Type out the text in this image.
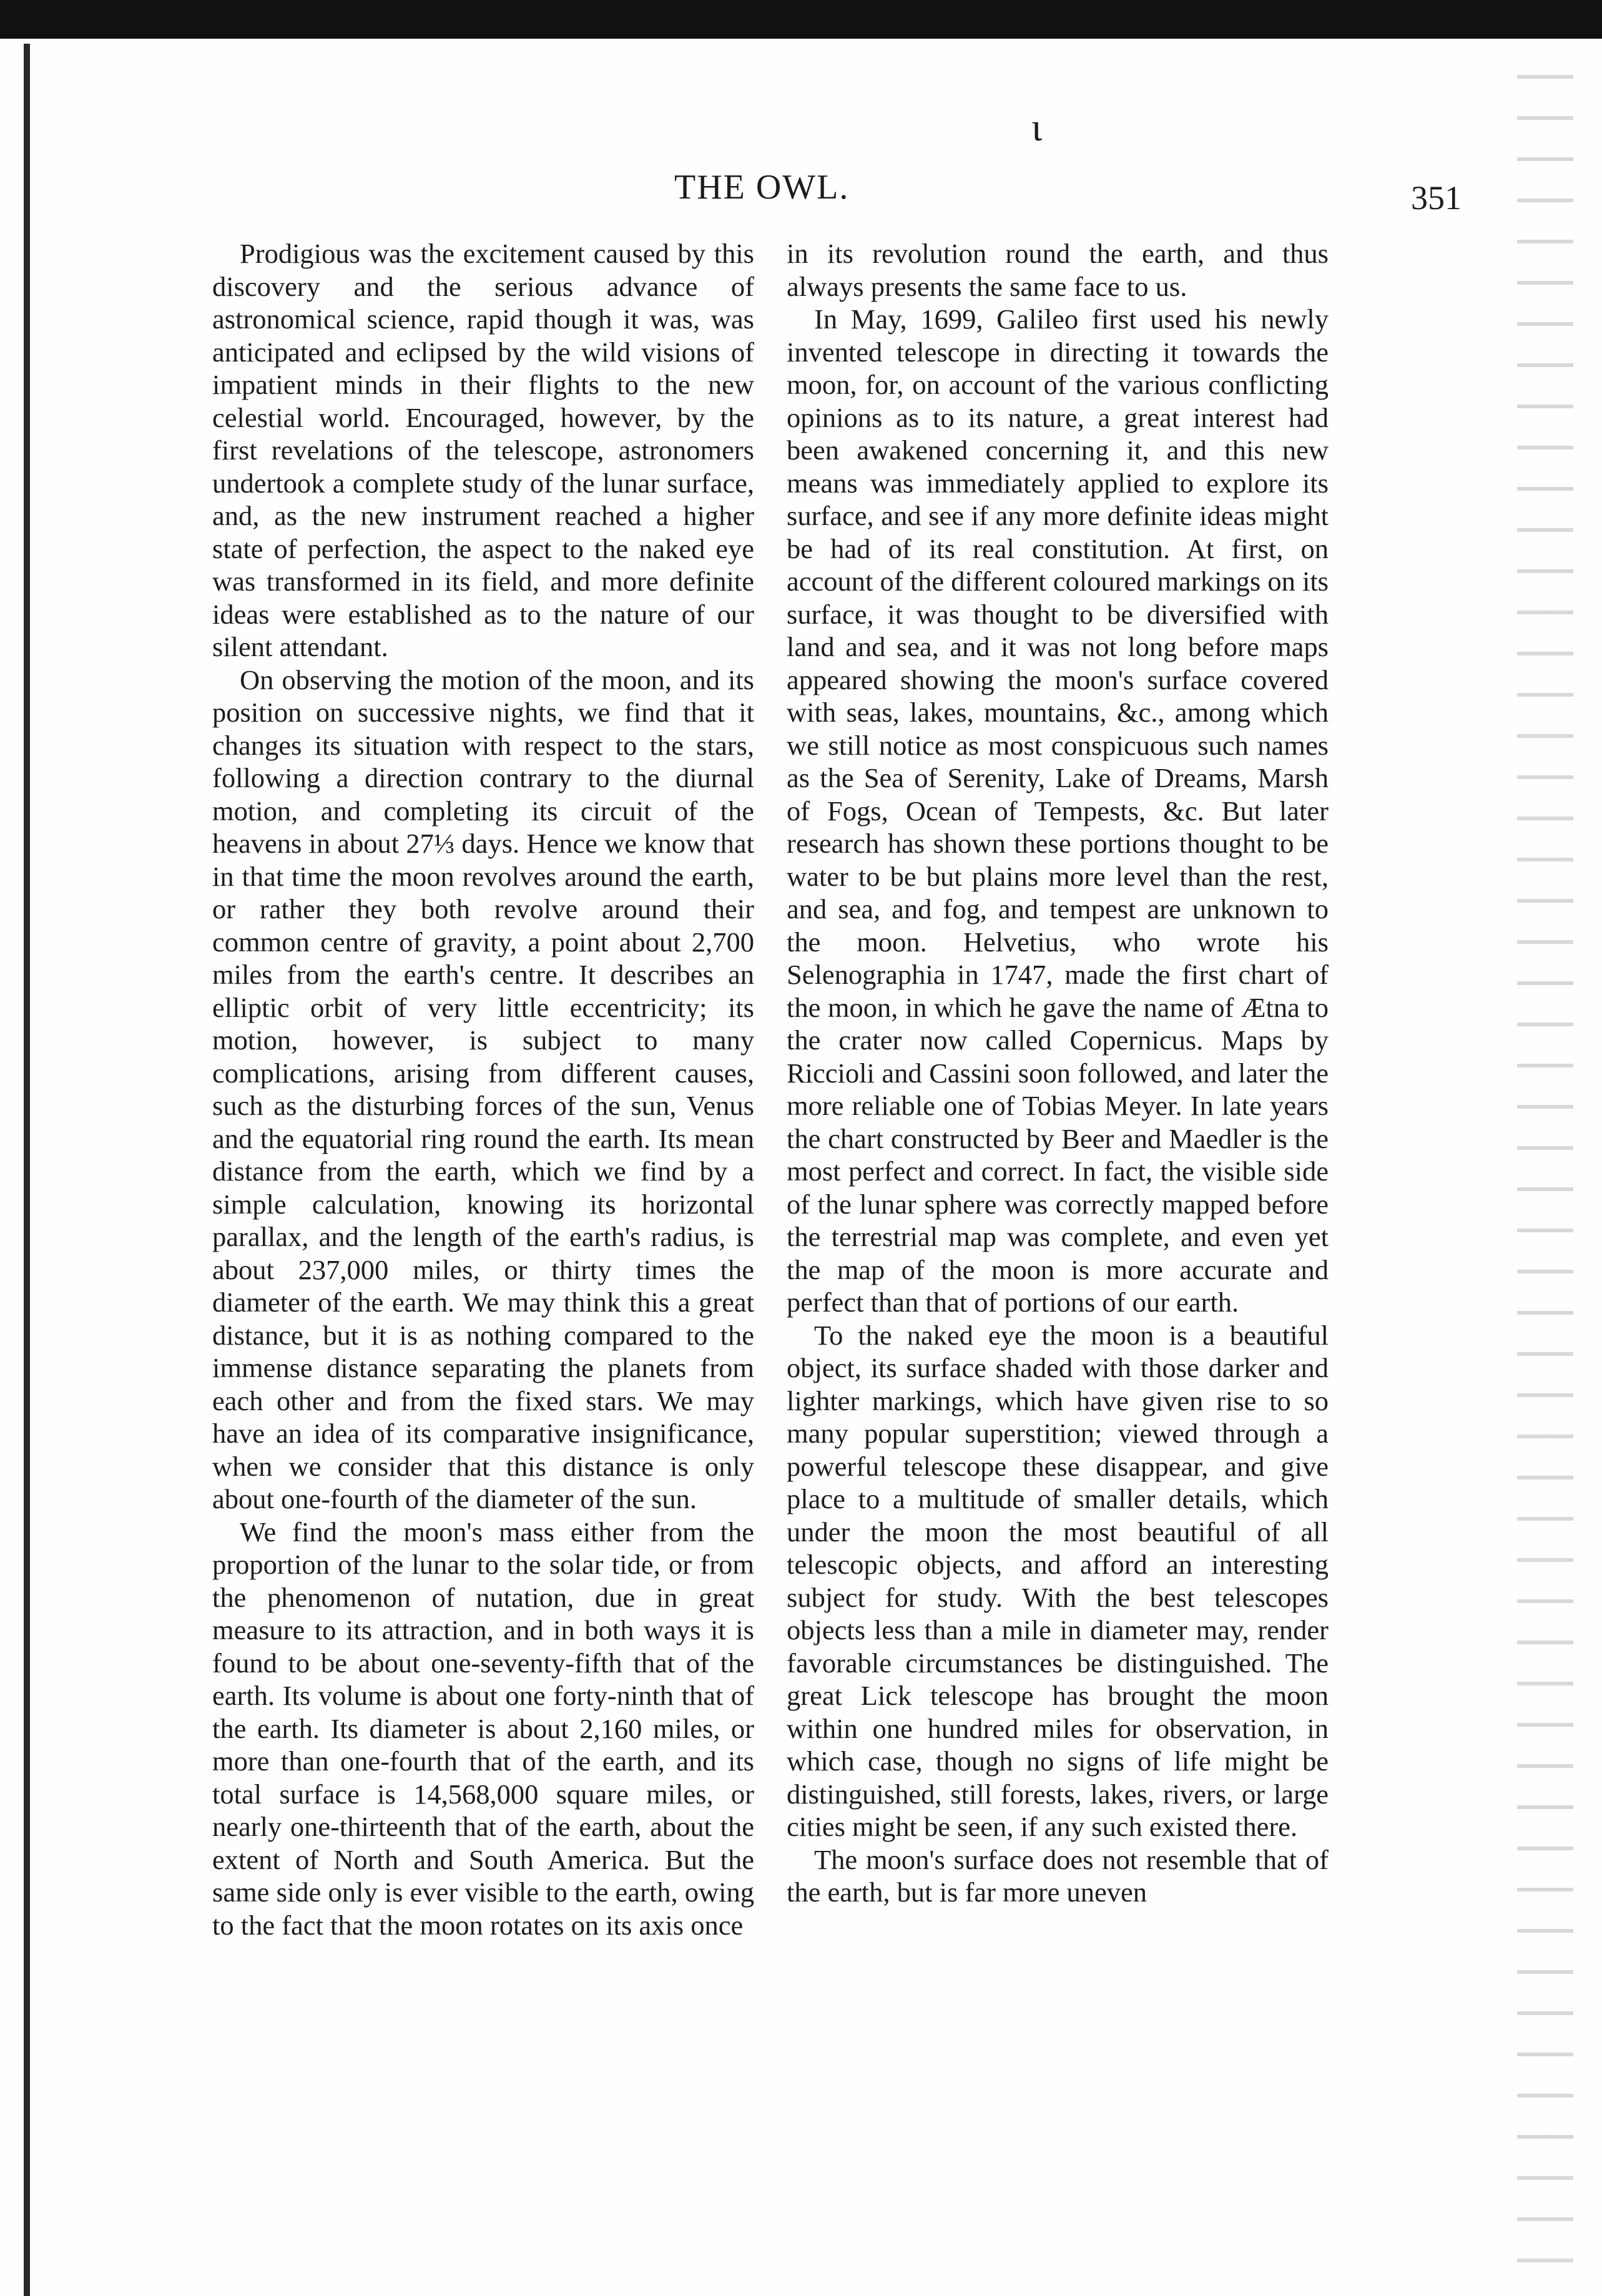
ι
THE OWL.	351

Prodigious was the excitement caused by this discovery and the serious advance of astronomical science, rapid though it was, was anticipated and eclipsed by the wild visions of impatient minds in their flights to the new celestial world. Encouraged, however, by the first revelations of the telescope, astronomers undertook a complete study of the lunar surface, and, as the new instrument reached a higher state of perfection, the aspect to the naked eye was transformed in its field, and more definite ideas were established as to the nature of our silent attendant.

On observing the motion of the moon, and its position on successive nights, we find that it changes its situation with respect to the stars, following a direction contrary to the diurnal motion, and completing its circuit of the heavens in about 27⅓ days. Hence we know that in that time the moon revolves around the earth, or rather they both revolve around their common centre of gravity, a point about 2,700 miles from the earth's centre. It describes an elliptic orbit of very little eccentricity; its motion, however, is subject to many complications, arising from different causes, such as the disturbing forces of the sun, Venus and the equatorial ring round the earth. Its mean distance from the earth, which we find by a simple calculation, knowing its horizontal parallax, and the length of the earth's radius, is about 237,000 miles, or thirty times the diameter of the earth. We may think this a great distance, but it is as nothing compared to the immense distance separating the planets from each other and from the fixed stars. We may have an idea of its comparative insignificance, when we consider that this distance is only about one-fourth of the diameter of the sun.

We find the moon's mass either from the proportion of the lunar to the solar tide, or from the phenomenon of nutation, due in great measure to its attraction, and in both ways it is found to be about one-seventy-fifth that of the earth. Its volume is about one forty-ninth that of the earth. Its diameter is about 2,160 miles, or more than one-fourth that of the earth, and its total surface is 14,568,000 square miles, or nearly one-thirteenth that of the earth, about the extent of North and South America. But the same side only is ever visible to the earth, owing to the fact that the moon rotates on its axis once

in its revolution round the earth, and thus always presents the same face to us.

In May, 1699, Galileo first used his newly invented telescope in directing it towards the moon, for, on account of the various conflicting opinions as to its nature, a great interest had been awakened concerning it, and this new means was immediately applied to explore its surface, and see if any more definite ideas might be had of its real constitution. At first, on account of the different coloured markings on its surface, it was thought to be diversified with land and sea, and it was not long before maps appeared showing the moon's surface covered with seas, lakes, mountains, &c., among which we still notice as most conspicuous such names as the Sea of Serenity, Lake of Dreams, Marsh of Fogs, Ocean of Tempests, &c. But later research has shown these portions thought to be water to be but plains more level than the rest, and sea, and fog, and tempest are unknown to the moon. Helvetius, who wrote his Selenographia in 1747, made the first chart of the moon, in which he gave the name of Ætna to the crater now called Copernicus. Maps by Riccioli and Cassini soon followed, and later the more reliable one of Tobias Meyer. In late years the chart constructed by Beer and Maedler is the most perfect and correct. In fact, the visible side of the lunar sphere was correctly mapped before the terrestrial map was complete, and even yet the map of the moon is more accurate and perfect than that of portions of our earth.

To the naked eye the moon is a beautiful object, its surface shaded with those darker and lighter markings, which have given rise to so many popular superstition; viewed through a powerful telescope these disappear, and give place to a multitude of smaller details, which under the moon the most beautiful of all telescopic objects, and afford an interesting subject for study. With the best telescopes objects less than a mile in diameter may, render favorable circumstances be distinguished. The great Lick telescope has brought the moon within one hundred miles for observation, in which case, though no signs of life might be distinguished, still forests, lakes, rivers, or large cities might be seen, if any such existed there.

The moon's surface does not resemble that of the earth, but is far more uneven
